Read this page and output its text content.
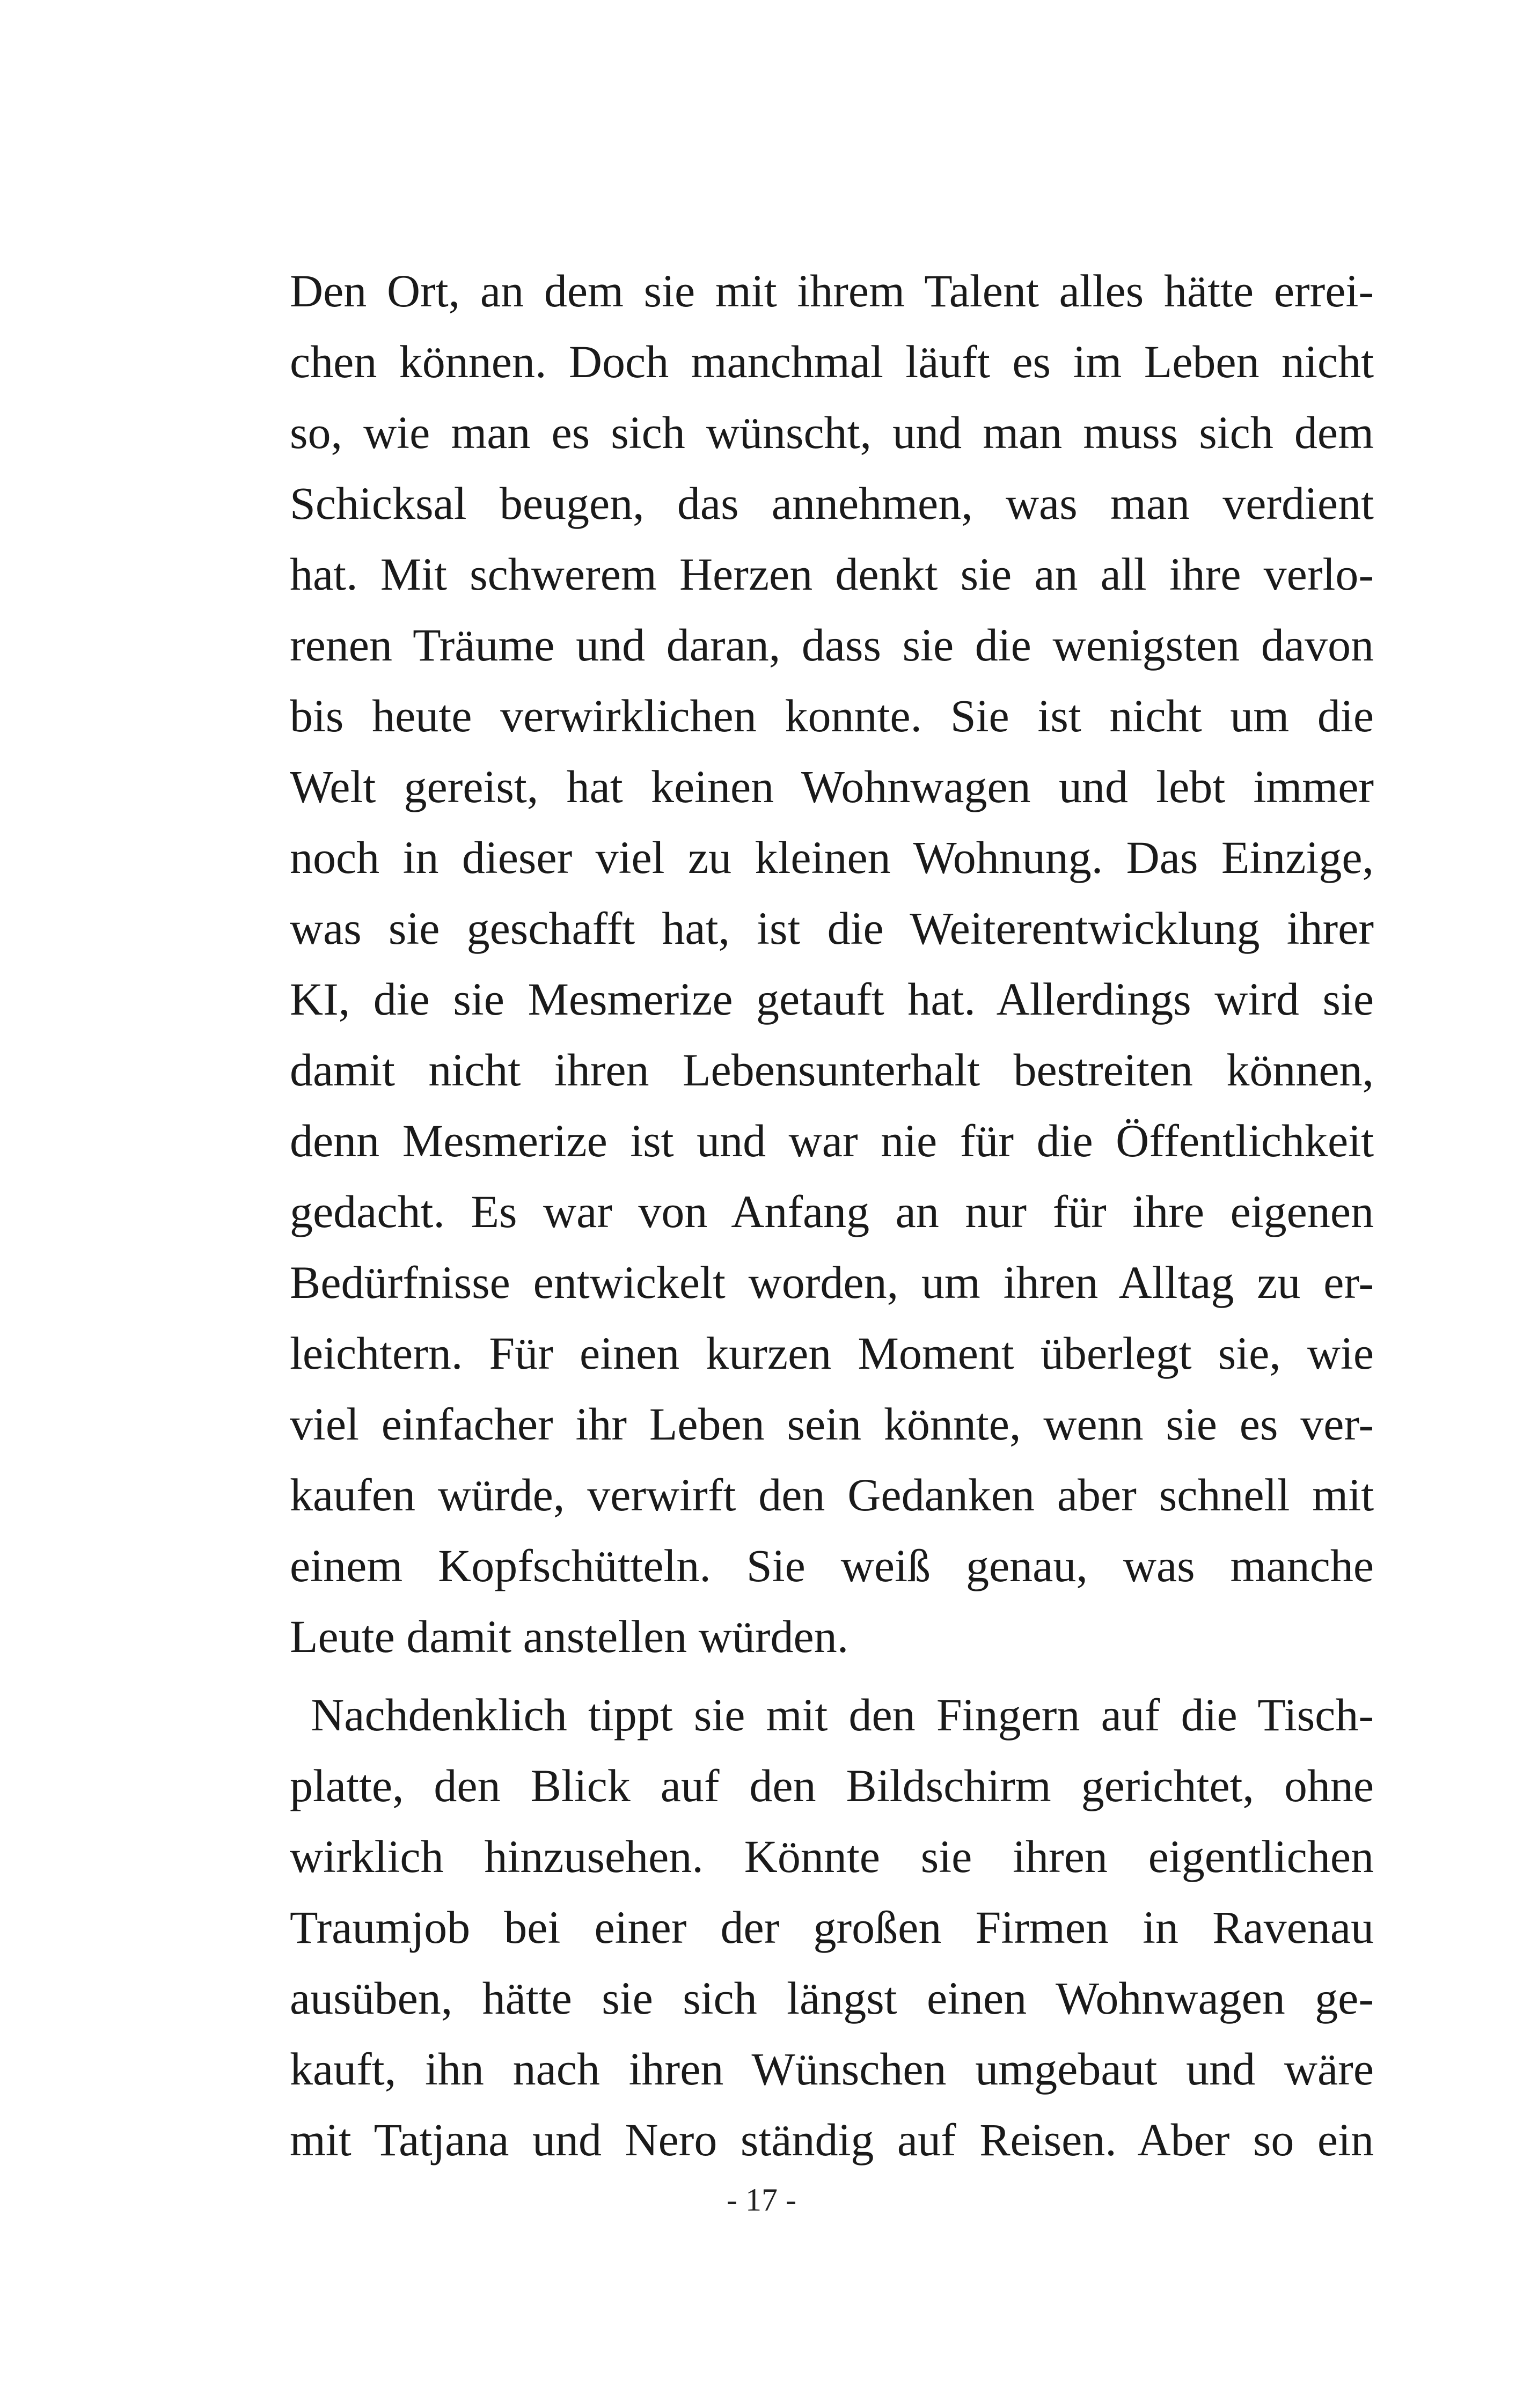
Den Ort, an dem sie mit ihrem Talent alles hätte errei-
chen können. Doch manchmal läuft es im Leben nicht
so, wie man es sich wünscht, und man muss sich dem
Schicksal beugen, das annehmen, was man verdient
hat. Mit schwerem Herzen denkt sie an all ihre verlo-
renen Träume und daran, dass sie die wenigsten davon
bis heute verwirklichen konnte. Sie ist nicht um die
Welt gereist, hat keinen Wohnwagen und lebt immer
noch in dieser viel zu kleinen Wohnung. Das Einzige,
was sie geschafft hat, ist die Weiterentwicklung ihrer
KI, die sie Mesmerize getauft hat. Allerdings wird sie
damit nicht ihren Lebensunterhalt bestreiten können,
denn Mesmerize ist und war nie für die Öffentlichkeit
gedacht. Es war von Anfang an nur für ihre eigenen
Bedürfnisse entwickelt worden, um ihren Alltag zu er-
leichtern. Für einen kurzen Moment überlegt sie, wie
viel einfacher ihr Leben sein könnte, wenn sie es ver-
kaufen würde, verwirft den Gedanken aber schnell mit
einem Kopfschütteln. Sie weiß genau, was manche
Leute damit anstellen würden.
Nachdenklich tippt sie mit den Fingern auf die Tisch-
platte, den Blick auf den Bildschirm gerichtet, ohne
wirklich hinzusehen. Könnte sie ihren eigentlichen
Traumjob bei einer der großen Firmen in Ravenau
ausüben, hätte sie sich längst einen Wohnwagen ge-
kauft, ihn nach ihren Wünschen umgebaut und wäre
mit Tatjana und Nero ständig auf Reisen. Aber so ein
- 17 -
